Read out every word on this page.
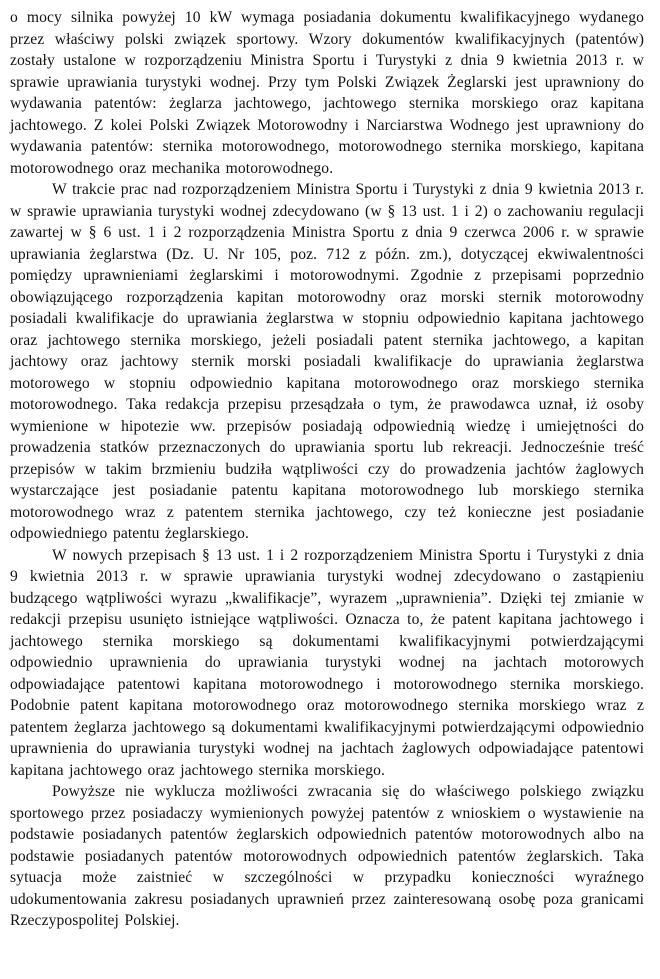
o mocy silnika powyżej 10 kW wymaga posiadania dokumentu kwalifikacyjnego wydanego przez właściwy polski związek sportowy. Wzory dokumentów kwalifikacyjnych (patentów) zostały ustalone w rozporządzeniu Ministra Sportu i Turystyki z dnia 9 kwietnia 2013 r. w sprawie uprawiania turystyki wodnej. Przy tym Polski Związek Żeglarski jest uprawniony do wydawania patentów: żeglarza jachtowego, jachtowego sternika morskiego oraz kapitana jachtowego. Z kolei Polski Związek Motorowodny i Narciarstwa Wodnego jest uprawniony do wydawania patentów: sternika motorowodnego, motorowodnego sternika morskiego, kapitana motorowodnego oraz mechanika motorowodnego.

W trakcie prac nad rozporządzeniem Ministra Sportu i Turystyki z dnia 9 kwietnia 2013 r. w sprawie uprawiania turystyki wodnej zdecydowano (w § 13 ust. 1 i 2) o zachowaniu regulacji zawartej w § 6 ust. 1 i 2 rozporządzenia Ministra Sportu z dnia 9 czerwca 2006 r. w sprawie uprawiania żeglarstwa (Dz. U. Nr 105, poz. 712 z późn. zm.), dotyczącej ekwiwalentności pomiędzy uprawnieniami żeglarskimi i motorowodnymi. Zgodnie z przepisami poprzednio obowiązującego rozporządzenia kapitan motorowodny oraz morski sternik motorowodny posiadali kwalifikacje do uprawiania żeglarstwa w stopniu odpowiednio kapitana jachtowego oraz jachtowego sternika morskiego, jeżeli posiadali patent sternika jachtowego, a kapitan jachtowy oraz jachtowy sternik morski posiadali kwalifikacje do uprawiania żeglarstwa motorowego w stopniu odpowiednio kapitana motorowodnego oraz morskiego sternika motorowodnego. Taka redakcja przepisu przesądzała o tym, że prawodawca uznał, iż osoby wymienione w hipotezie ww. przepisów posiadają odpowiednią wiedzę i umiejętności do prowadzenia statków przeznaczonych do uprawiania sportu lub rekreacji. Jednocześnie treść przepisów w takim brzmieniu budziła wątpliwości czy do prowadzenia jachtów żaglowych wystarczające jest posiadanie patentu kapitana motorowodnego lub morskiego sternika motorowodnego wraz z patentem sternika jachtowego, czy też konieczne jest posiadanie odpowiedniego patentu żeglarskiego.

W nowych przepisach § 13 ust. 1 i 2 rozporządzeniem Ministra Sportu i Turystyki z dnia 9 kwietnia 2013 r. w sprawie uprawiania turystyki wodnej zdecydowano o zastąpieniu budzącego wątpliwości wyrazu „kwalifikacje”, wyrazem „uprawnienia”. Dzięki tej zmianie w redakcji przepisu usunięto istniejące wątpliwości. Oznacza to, że patent kapitana jachtowego i jachtowego sternika morskiego są dokumentami kwalifikacyjnymi potwierdzającymi odpowiednio uprawnienia do uprawiania turystyki wodnej na jachtach motorowych odpowiadające patentowi kapitana motorowodnego i motorowodnego sternika morskiego. Podobnie patent kapitana motorowodnego oraz motorowodnego sternika morskiego wraz z patentem żeglarza jachtowego są dokumentami kwalifikacyjnymi potwierdzającymi odpowiednio uprawnienia do uprawiania turystyki wodnej na jachtach żaglowych odpowiadające patentowi kapitana jachtowego oraz jachtowego sternika morskiego.

Powyższe nie wyklucza możliwości zwracania się do właściwego polskiego związku sportowego przez posiadaczy wymienionych powyżej patentów z wnioskiem o wystawienie na podstawie posiadanych patentów żeglarskich odpowiednich patentów motorowodnych albo na podstawie posiadanych patentów motorowodnych odpowiednich patentów żeglarskich. Taka sytuacja może zaistnieć w szczególności w przypadku konieczności wyraźnego udokumentowania zakresu posiadanych uprawnień przez zainteresowaną osobę poza granicami Rzeczypospolitej Polskiej.
